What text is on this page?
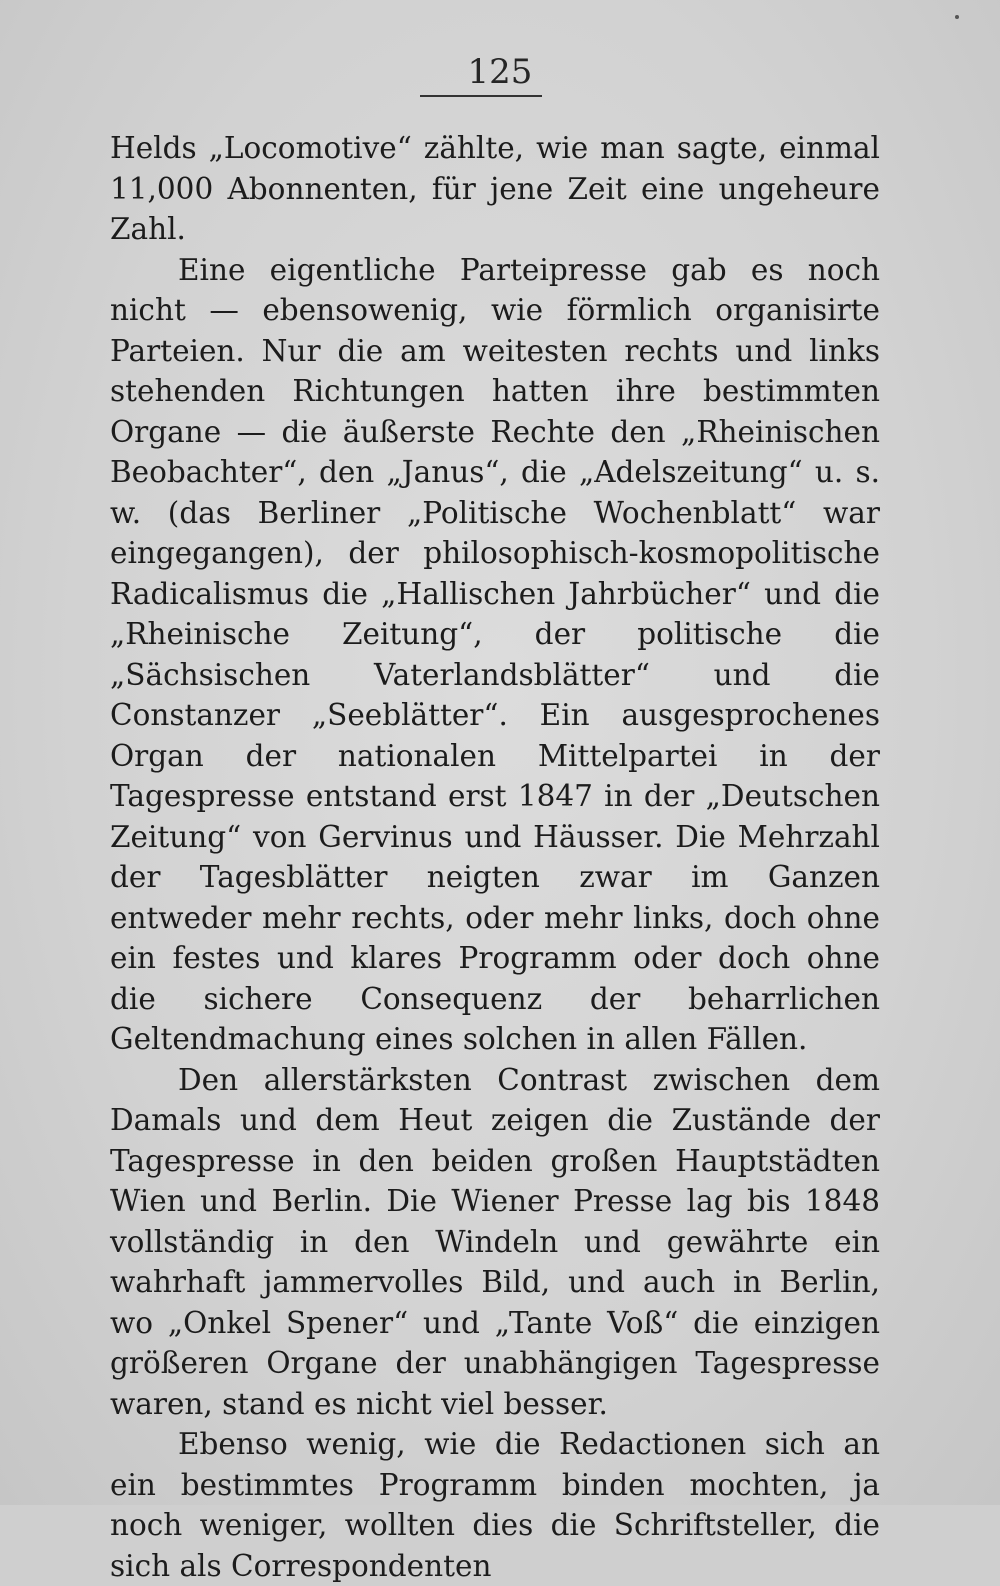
125

Helds „Locomotive“ zählte, wie man sagte, einmal 11,000 Abonnenten, für jene Zeit eine ungeheure Zahl.

Eine eigentliche Parteipresse gab es noch nicht — ebensowenig, wie förmlich organisirte Parteien. Nur die am weitesten rechts und links stehenden Richtungen hatten ihre bestimmten Organe — die äußerste Rechte den „Rheinischen Beobachter“, den „Janus“, die „Adelszeitung“ u. s. w. (das Berliner „Politische Wochenblatt“ war eingegangen), der philosophisch-kosmopolitische Radicalismus die „Hallischen Jahrbücher“ und die „Rheinische Zeitung“, der politische die „Sächsischen Vaterlandsblätter“ und die Constanzer „Seeblätter“. Ein ausgesprochenes Organ der nationalen Mittelpartei in der Tagespresse entstand erst 1847 in der „Deutschen Zeitung“ von Gervinus und Häusser. Die Mehrzahl der Tagesblätter neigten zwar im Ganzen entweder mehr rechts, oder mehr links, doch ohne ein festes und klares Programm oder doch ohne die sichere Consequenz der beharrlichen Geltendmachung eines solchen in allen Fällen.

Den allerstärksten Contrast zwischen dem Damals und dem Heut zeigen die Zustände der Tagespresse in den beiden großen Hauptstädten Wien und Berlin. Die Wiener Presse lag bis 1848 vollständig in den Windeln und gewährte ein wahrhaft jammervolles Bild, und auch in Berlin, wo „Onkel Spener“ und „Tante Voß“ die einzigen größeren Organe der unabhängigen Tagespresse waren, stand es nicht viel besser.

Ebenso wenig, wie die Redactionen sich an ein bestimmtes Programm binden mochten, ja noch weniger, wollten dies die Schriftsteller, die sich als Correspondenten
